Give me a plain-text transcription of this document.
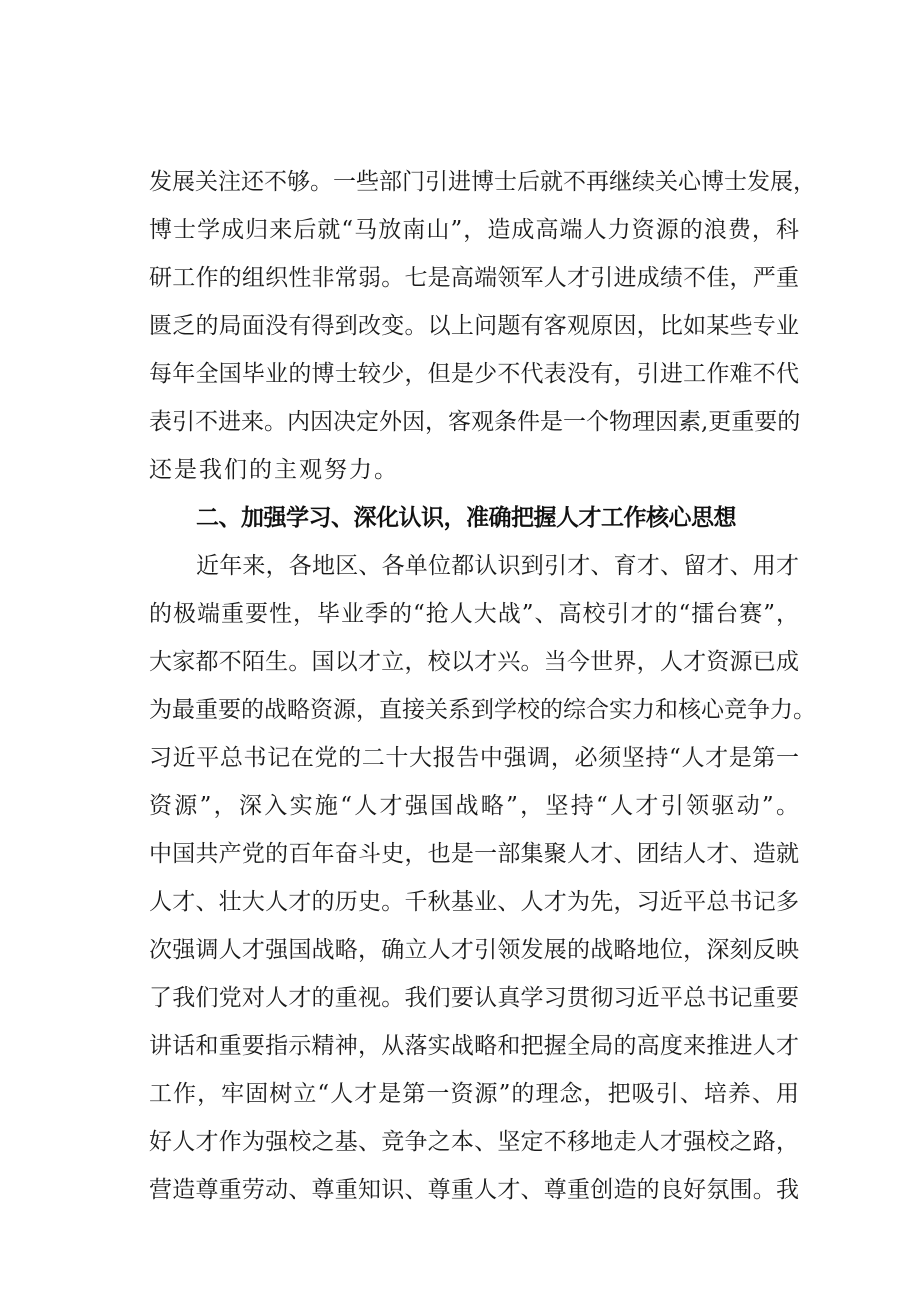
发展关注还不够。一些部门引进博士后就不再继续关心博士发展，
博士学成归来后就“马放南山”，造成高端人力资源的浪费，科
研工作的组织性非常弱。七是高端领军人才引进成绩不佳，严重
匮乏的局面没有得到改变。以上问题有客观原因，比如某些专业
每年全国毕业的博士较少，但是少不代表没有，引进工作难不代
表引不进来。内因决定外因，客观条件是一个物理因素,更重要的
还是我们的主观努力。
二、加强学习、深化认识，准确把握人才工作核心思想
近年来，各地区、各单位都认识到引才、育才、留才、用才
的极端重要性，毕业季的“抢人大战”、高校引才的“擂台赛”，
大家都不陌生。国以才立，校以才兴。当今世界，人才资源已成
为最重要的战略资源，直接关系到学校的综合实力和核心竞争力。
习近平总书记在党的二十大报告中强调，必须坚持“人才是第一
资源”，深入实施“人才强国战略”，坚持“人才引领驱动”。
中国共产党的百年奋斗史，也是一部集聚人才、团结人才、造就
人才、壮大人才的历史。千秋基业、人才为先，习近平总书记多
次强调人才强国战略，确立人才引领发展的战略地位，深刻反映
了我们党对人才的重视。我们要认真学习贯彻习近平总书记重要
讲话和重要指示精神，从落实战略和把握全局的高度来推进人才
工作，牢固树立“人才是第一资源”的理念，把吸引、培养、用
好人才作为强校之基、竞争之本、坚定不移地走人才强校之路，
营造尊重劳动、尊重知识、尊重人才、尊重创造的良好氛围。我
